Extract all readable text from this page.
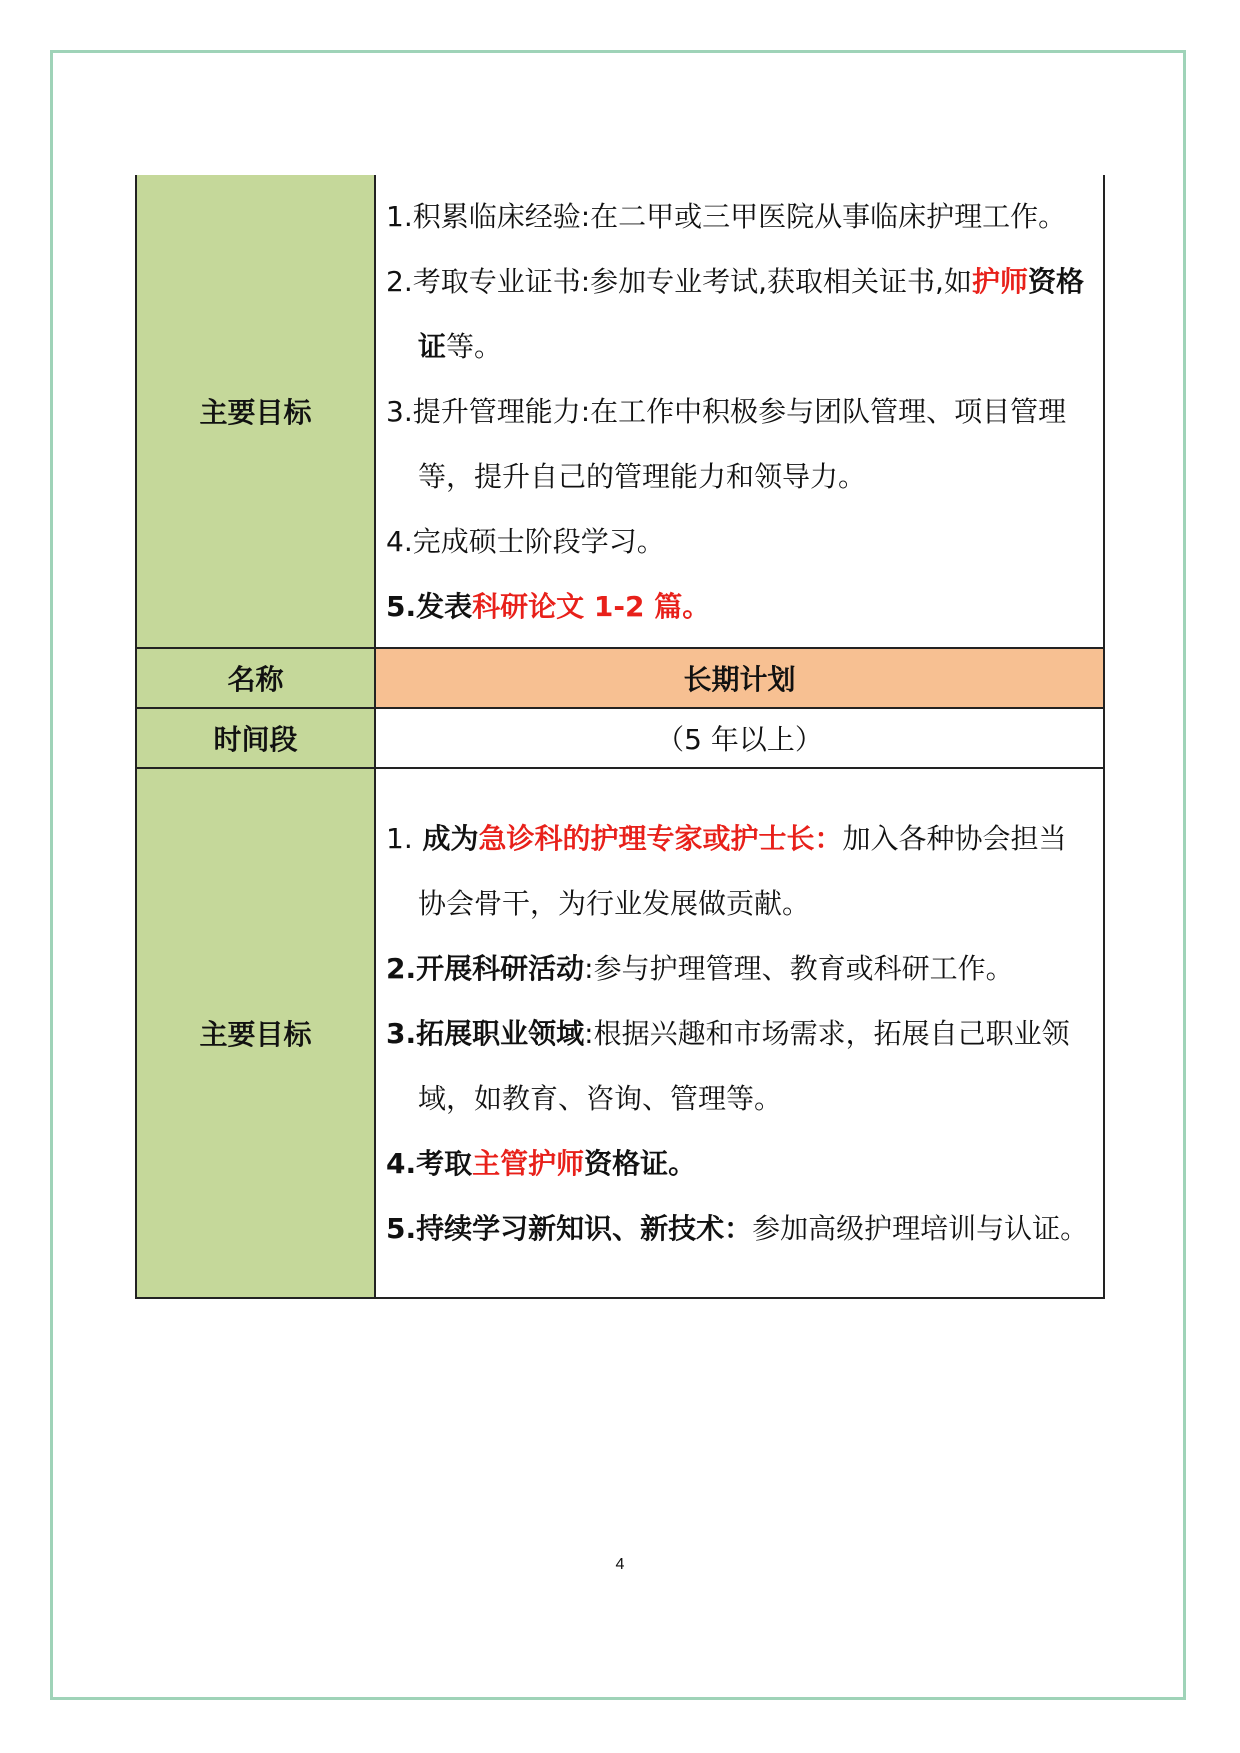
主要目标	1.积累临床经验:在二甲或三甲医院从事临床护理工作。

2.考取专业证书:参加专业考试,获取相关证书,如护师资格证等。

3.提升管理能力:在工作中积极参与团队管理、项目管理等，提升自己的管理能力和领导力。

4.完成硕士阶段学习。

5.发表科研论文 1-2 篇。

名称	长期计划
时间段	（5 年以上）
主要目标	1. 成为急诊科的护理专家或护士长：加入各种协会担当协会骨干，为行业发展做贡献。

2.开展科研活动:参与护理管理、教育或科研工作。

3.拓展职业领域:根据兴趣和市场需求，拓展自己职业领域，如教育、咨询、管理等。

4.考取主管护师资格证。

5.持续学习新知识、新技术：参加高级护理培训与认证。

4
